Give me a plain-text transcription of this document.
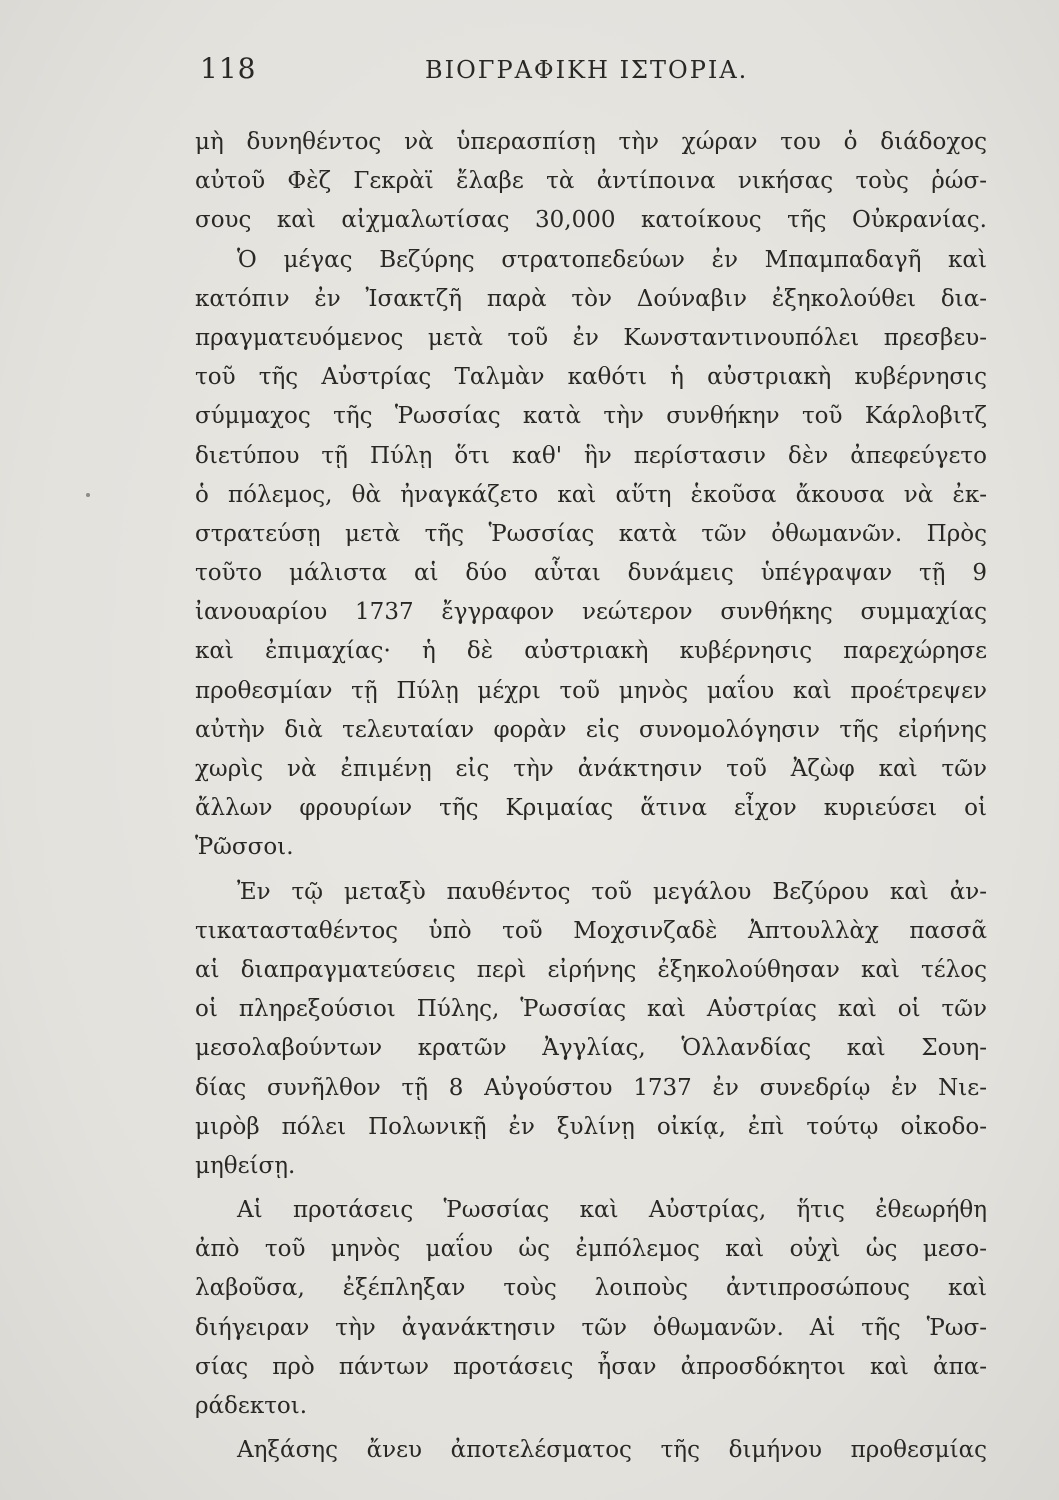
118	ΒΙΟΓΡΑΦΙΚΗ ΙΣΤΟΡΙΑ.
μὴ δυνηθέντος νὰ ὑπερασπίσῃ τὴν χώραν του ὁ διάδοχος
αὐτοῦ Φὲζ Γεκρὰϊ ἔλαβε τὰ ἀντίποινα νικήσας τοὺς ῥώσ-
σους καὶ αἰχμαλωτίσας 30,000 κατοίκους τῆς Οὐκρανίας.
Ὁ μέγας Βεζύρης στρατοπεδεύων ἐν Μπαμπαδαγῆ καὶ
κατόπιν ἐν Ἰσακτζῆ παρὰ τὸν Δούναβιν ἐξηκολούθει δια-
πραγματευόμενος μετὰ τοῦ ἐν Κωνσταντινουπόλει πρεσβευ-
τοῦ τῆς Αὐστρίας Ταλμὰν καθότι ἡ αὐστριακὴ κυβέρνησις
σύμμαχος τῆς Ῥωσσίας κατὰ τὴν συνθήκην τοῦ Κάρλοβιτζ
διετύπου τῇ Πύλῃ ὅτι καθ' ἣν περίστασιν δὲν ἀπεφεύγετο
ὁ πόλεμος, θὰ ἠναγκάζετο καὶ αὕτη ἑκοῦσα ἄκουσα νὰ ἐκ-
στρατεύσῃ μετὰ τῆς Ῥωσσίας κατὰ τῶν ὀθωμανῶν. Πρὸς
τοῦτο μάλιστα αἱ δύο αὗται δυνάμεις ὑπέγραψαν τῇ 9
ἰανουαρίου 1737 ἔγγραφον νεώτερον συνθήκης συμμαχίας
καὶ ἐπιμαχίας· ἡ δὲ αὐστριακὴ κυβέρνησις παρεχώρησε
προθεσμίαν τῇ Πύλῃ μέχρι τοῦ μηνὸς μαΐου καὶ προέτρεψεν
αὐτὴν διὰ τελευταίαν φορὰν εἰς συνομολόγησιν τῆς εἰρήνης
χωρὶς νὰ ἐπιμένῃ εἰς τὴν ἀνάκτησιν τοῦ Ἀζὼφ καὶ τῶν
ἄλλων φρουρίων τῆς Κριμαίας ἅτινα εἶχον κυριεύσει οἱ
Ῥῶσσοι.
Ἐν τῷ μεταξὺ παυθέντος τοῦ μεγάλου Βεζύρου καὶ ἀν-
τικατασταθέντος ὑπὸ τοῦ Μοχσινζαδὲ Ἀπτουλλὰχ πασσᾶ
αἱ διαπραγματεύσεις περὶ εἰρήνης ἐξηκολούθησαν καὶ τέλος
οἱ πληρεξούσιοι Πύλης, Ῥωσσίας καὶ Αὐστρίας καὶ οἱ τῶν
μεσολαβούντων κρατῶν Ἀγγλίας, Ὁλλανδίας καὶ Σουη-
δίας συνῆλθον τῇ 8 Αὐγούστου 1737 ἐν συνεδρίῳ ἐν Νιε-
μιρὸβ πόλει Πολωνικῇ ἐν ξυλίνῃ οἰκίᾳ, ἐπὶ τούτῳ οἰκοδο-
μηθείσῃ.
Αἱ προτάσεις Ῥωσσίας καὶ Αὐστρίας, ἥτις ἐθεωρήθη
ἀπὸ τοῦ μηνὸς μαΐου ὡς ἐμπόλεμος καὶ οὐχὶ ὡς μεσο-
λαβοῦσα, ἐξέπληξαν τοὺς λοιποὺς ἀντιπροσώπους καὶ
διήγειραν τὴν ἀγανάκτησιν τῶν ὀθωμανῶν. Αἱ τῆς Ῥωσ-
σίας πρὸ πάντων προτάσεις ἦσαν ἀπροσδόκητοι καὶ ἀπα-
ράδεκτοι.
Αηξάσης ἄνευ ἀποτελέσματος τῆς διμήνου προθεσμίας
